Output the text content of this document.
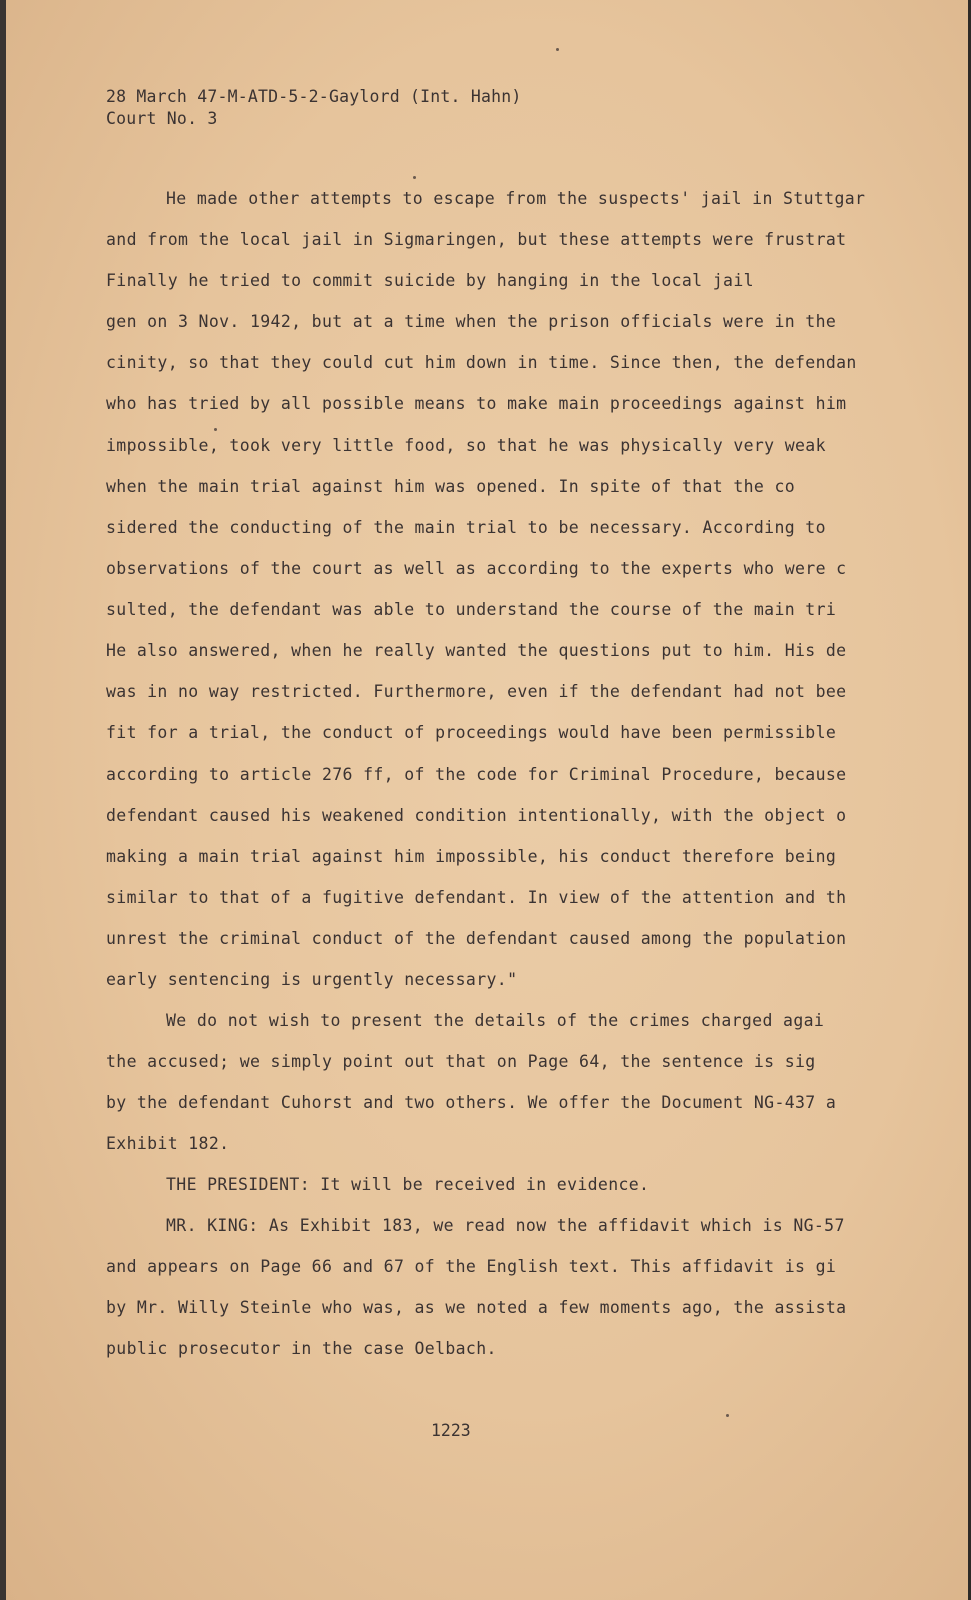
28 March 47-M-ATD-5-2-Gaylord (Int. Hahn)
Court No. 3
He made other attempts to escape from the suspects' jail in Stuttgar
and from the local jail in Sigmaringen, but these attempts were frustrat
Finally he tried to commit suicide by hanging in the local jail
gen on 3 Nov. 1942, but at a time when the prison officials were in the
cinity, so that they could cut him down in time. Since then, the defendan
who has tried by all possible means to make main proceedings against him
impossible, took very little food, so that he was physically very weak
when the main trial against him was opened. In spite of that the co
sidered the conducting of the main trial to be necessary. According to
observations of the court as well as according to the experts who were c
sulted, the defendant was able to understand the course of the main tri
He also answered, when he really wanted the questions put to him. His de
was in no way restricted. Furthermore, even if the defendant had not bee
fit for a trial, the conduct of proceedings would have been permissible
according to article 276 ff, of the code for Criminal Procedure, because
defendant caused his weakened condition intentionally, with the object o
making a main trial against him impossible, his conduct therefore being
similar to that of a fugitive defendant. In view of the attention and th
unrest the criminal conduct of the defendant caused among the population
early sentencing is urgently necessary."
We do not wish to present the details of the crimes charged agai
the accused; we simply point out that on Page 64, the sentence is sig
by the defendant Cuhorst and two others. We offer the Document NG-437 a
Exhibit 182.
THE PRESIDENT: It will be received in evidence.
MR. KING: As Exhibit 183, we read now the affidavit which is NG-57
and appears on Page 66 and 67 of the English text. This affidavit is gi
by Mr. Willy Steinle who was, as we noted a few moments ago, the assista
public prosecutor in the case Oelbach.
1223
